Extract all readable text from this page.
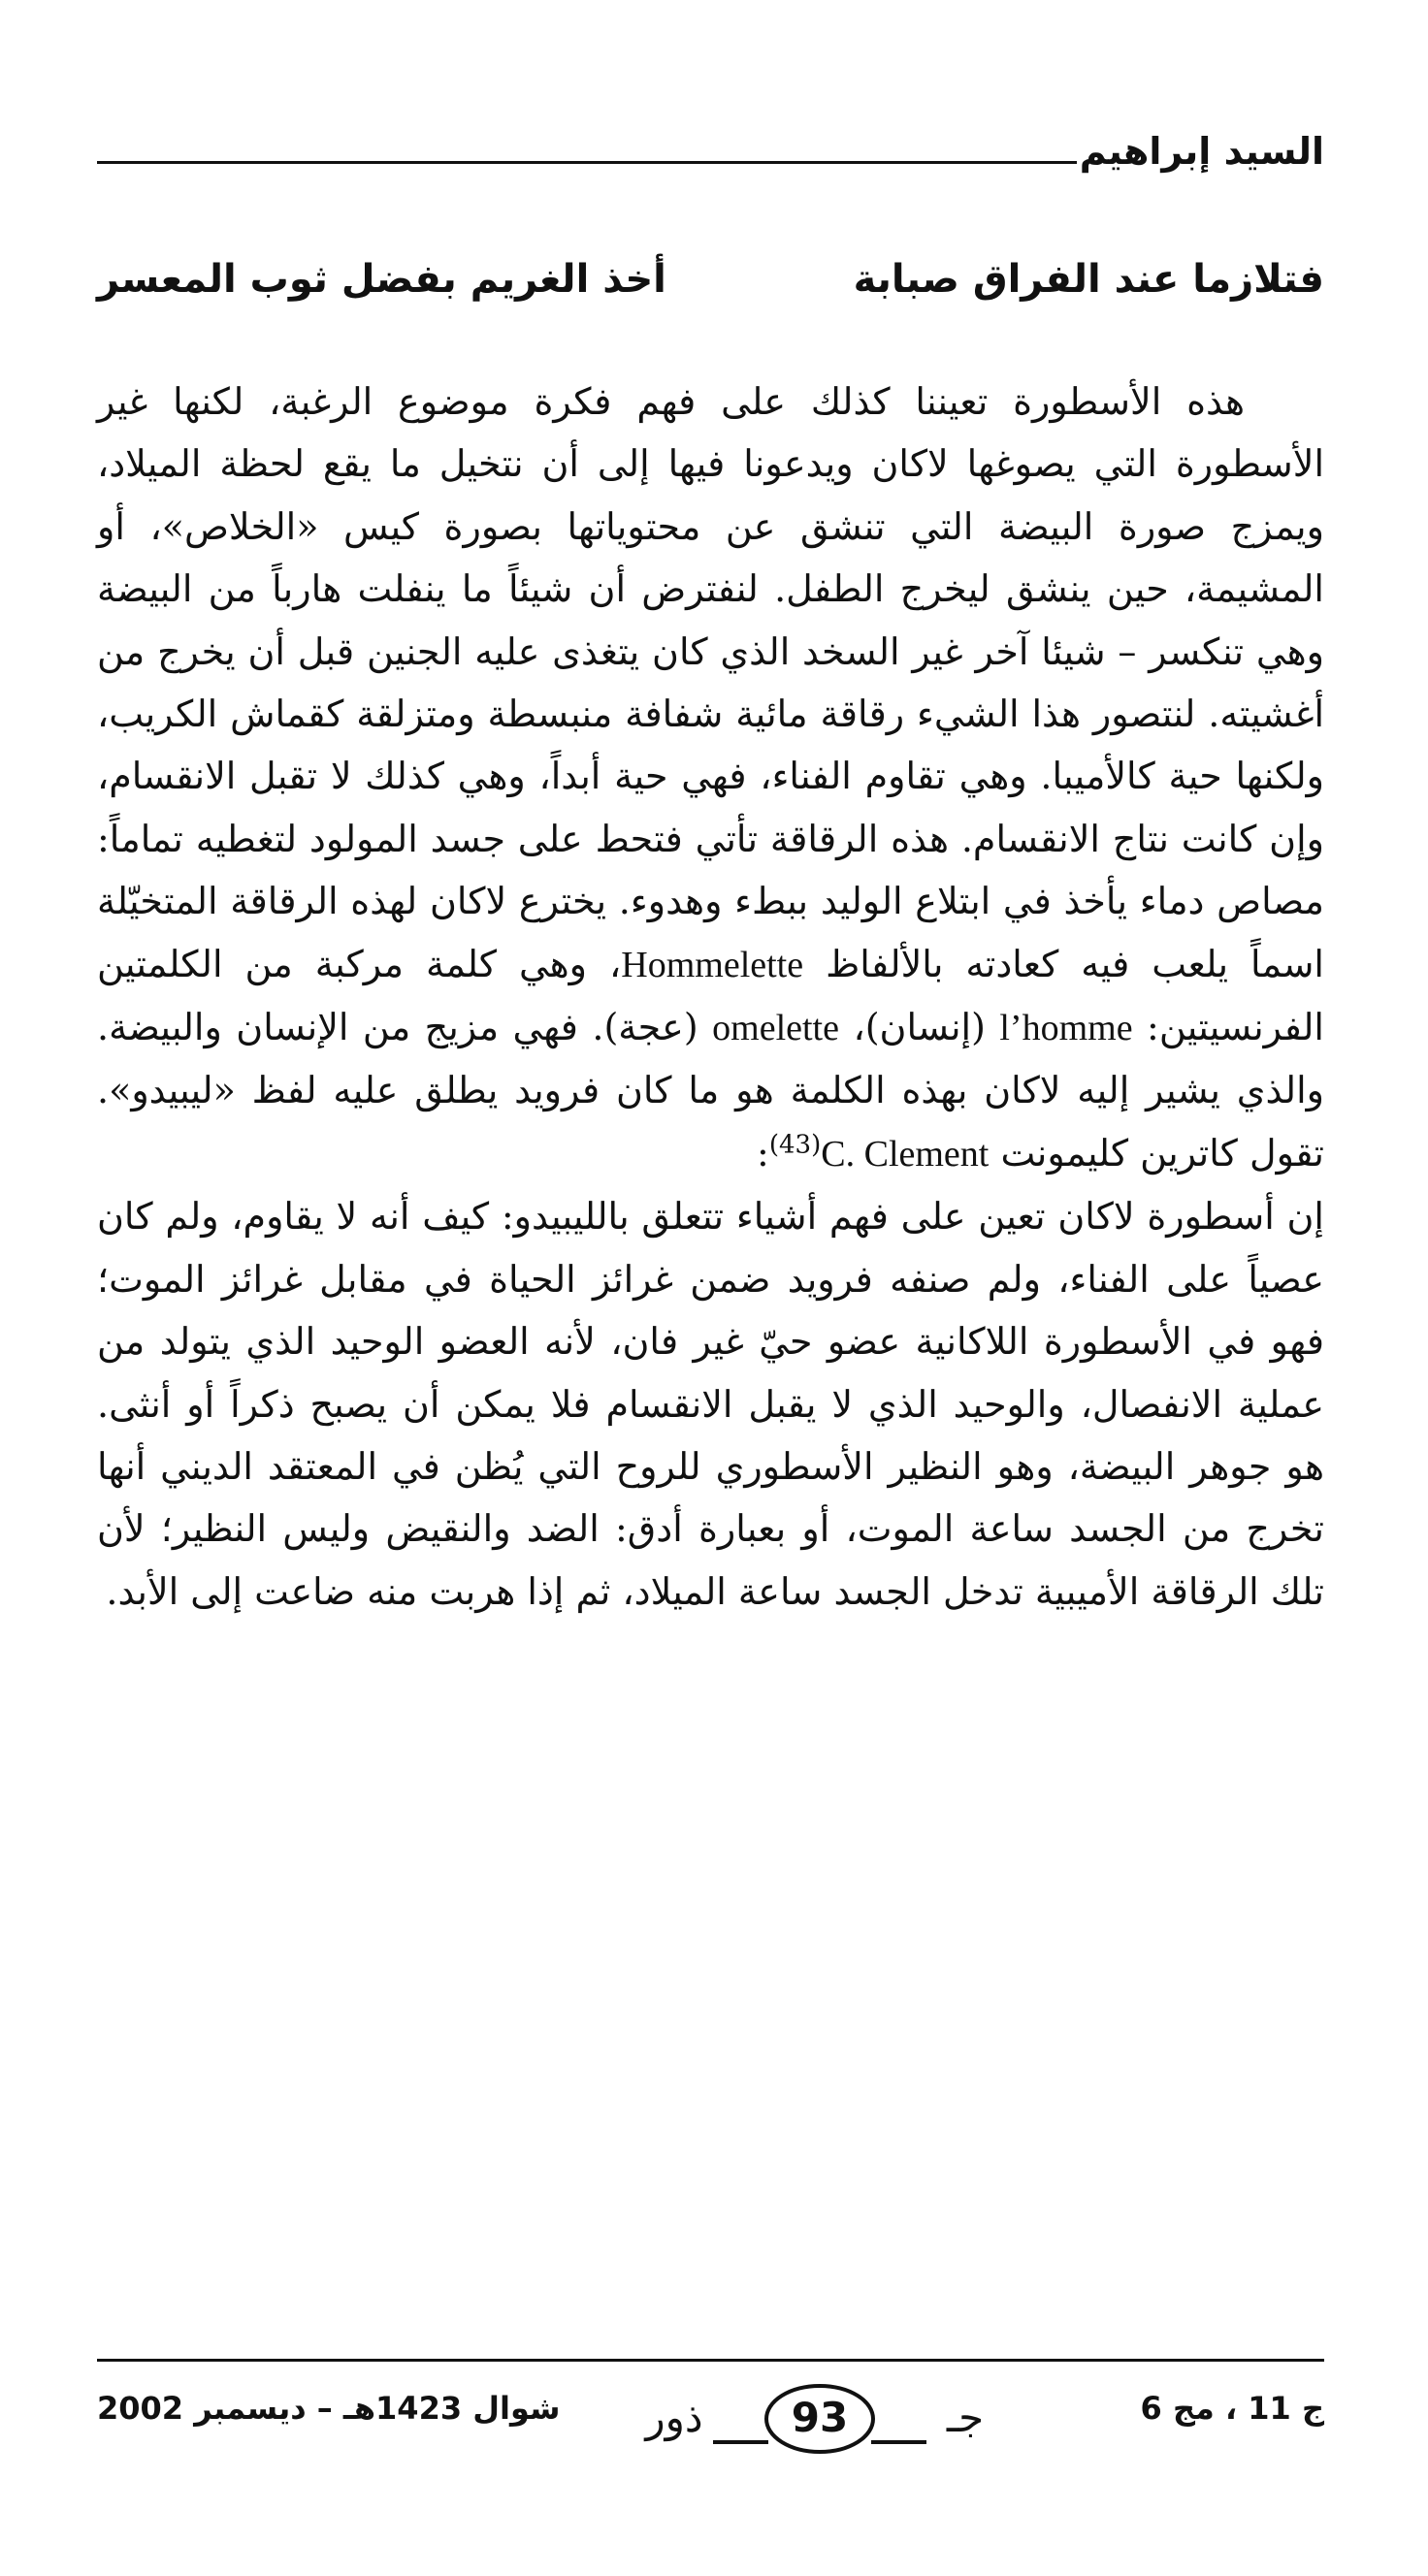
السيد إبراهيم
فتلازما عند الفراق صبابة
أخذ الغريم بفضل ثوب المعسر

هذه الأسطورة تعيننا كذلك على فهم فكرة موضوع الرغبة، لكنها غير الأسطورة التي يصوغها لاكان ويدعونا فيها إلى أن نتخيل ما يقع لحظة الميلاد، ويمزج صورة البيضة التي تنشق عن محتوياتها بصورة كيس «الخلاص»، أو المشيمة، حين ينشق ليخرج الطفل. لنفترض أن شيئاً ما ينفلت هارباً من البيضة وهي تنكسر – شيئا آخر غير السخد الذي كان يتغذى عليه الجنين قبل أن يخرج من أغشيته. لنتصور هذا الشيء رقاقة مائية شفافة منبسطة ومتزلقة كقماش الكريب، ولكنها حية كالأميبا. وهي تقاوم الفناء، فهي حية أبداً، وهي كذلك لا تقبل الانقسام، وإن كانت نتاج الانقسام. هذه الرقاقة تأتي فتحط على جسد المولود لتغطيه تماماً: مصاص دماء يأخذ في ابتلاع الوليد ببطء وهدوء. يخترع لاكان لهذه الرقاقة المتخيّلة اسماً يلعب فيه كعادته بالألفاظ Hommelette، وهي كلمة مركبة من الكلمتين الفرنسيتين: l’homme (إنسان)، omelette (عجة). فهي مزيج من الإنسان والبيضة. والذي يشير إليه لاكان بهذه الكلمة هو ما كان فرويد يطلق عليه لفظ «ليبيدو». تقول كاترين كليمونت C. Clement$^{(43)}$:

إن أسطورة لاكان تعين على فهم أشياء تتعلق بالليبيدو: كيف أنه لا يقاوم، ولم كان عصياً على الفناء، ولم صنفه فرويد ضمن غرائز الحياة في مقابل غرائز الموت؛ فهو في الأسطورة اللاكانية عضو حيّ غير فان، لأنه العضو الوحيد الذي يتولد من عملية الانفصال، والوحيد الذي لا يقبل الانقسام فلا يمكن أن يصبح ذكراً أو أنثى. هو جوهر البيضة، وهو النظير الأسطوري للروح التي يُظن في المعتقد الديني أنها تخرج من الجسد ساعة الموت، أو بعبارة أدق: الضد والنقيض وليس النظير؛ لأن تلك الرقاقة الأميبية تدخل الجسد ساعة الميلاد، ثم إذا هربت منه ضاعت إلى الأبد.

شوال 1423هـ – ديسمبر 2002	ذور	93	جـ	ج 11 ، مج 6
